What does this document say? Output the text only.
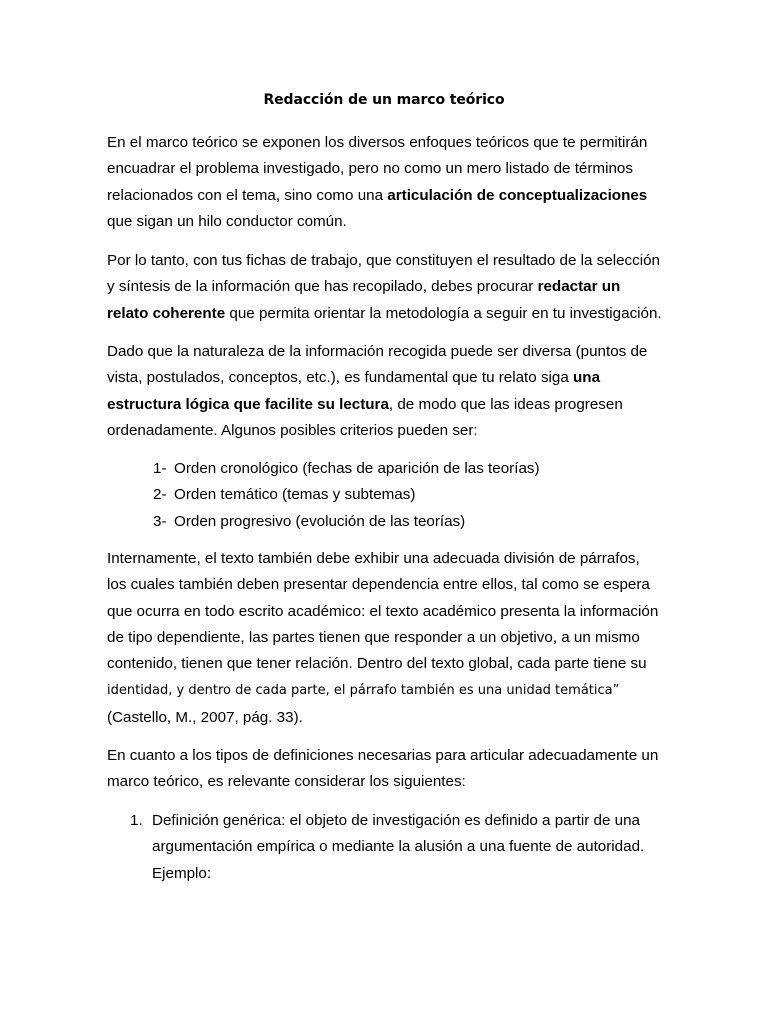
Redacción de un marco teórico

En el marco teórico se exponen los diversos enfoques teóricos que te permitirán encuadrar el problema investigado, pero no como un mero listado de términos relacionados con el tema, sino como una articulación de conceptualizaciones que sigan un hilo conductor común.

Por lo tanto, con tus fichas de trabajo, que constituyen el resultado de la selección y síntesis de la información que has recopilado, debes procurar redactar un relato coherente que permita orientar la metodología a seguir en tu investigación.

Dado que la naturaleza de la información recogida puede ser diversa (puntos de vista, postulados, conceptos, etc.), es fundamental que tu relato siga una estructura lógica que facilite su lectura, de modo que las ideas progresen ordenadamente. Algunos posibles criterios pueden ser:

1- Orden cronológico (fechas de aparición de las teorías)
2- Orden temático (temas y subtemas)
3- Orden progresivo (evolución de las teorías)

Internamente, el texto también debe exhibir una adecuada división de párrafos, los cuales también deben presentar dependencia entre ellos, tal como se espera que ocurra en todo escrito académico: el texto académico presenta la información de tipo dependiente, las partes tienen que responder a un objetivo, a un mismo contenido, tienen que tener relación. Dentro del texto global, cada parte tiene su
identidad, y dentro de cada parte, el párrafo también es una unidad temática”
(Castello, M., 2007, pág. 33).

En cuanto a los tipos de definiciones necesarias para articular adecuadamente un marco teórico, es relevante considerar los siguientes:

1. Definición genérica: el objeto de investigación es definido a partir de una argumentación empírica o mediante la alusión a una fuente de autoridad. Ejemplo:
